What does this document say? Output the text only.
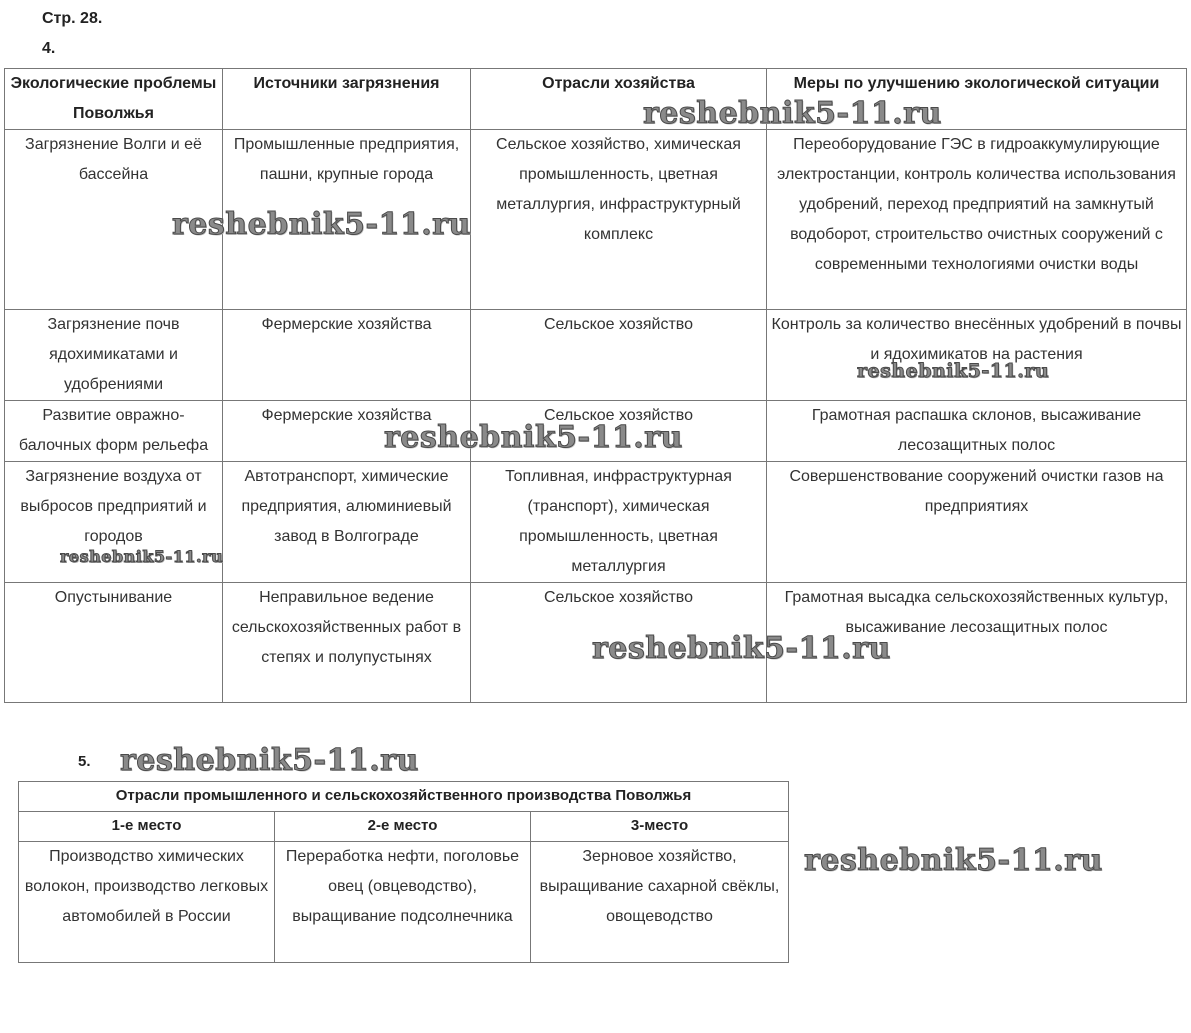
Стр. 28.
4.
Экологические проблемы Поволжья	Источники загрязнения	Отрасли хозяйства	Меры по улучшению экологической ситуации
Загрязнение Волги и её бассейна	Промышленные предприятия, пашни, крупные города	Сельское хозяйство, химическая промышленность, цветная металлургия, инфраструктурный комплекс	Переоборудование ГЭС в гидроаккумулирующие электростанции, контроль количества использования удобрений, переход предприятий на замкнутый водоборот, строительство очистных сооружений с современными технологиями очистки воды
Загрязнение почв ядохимикатами и удобрениями	Фермерские хозяйства	Сельское хозяйство	Контроль за количество внесённых удобрений в почвы и ядохимикатов на растения
Развитие овражно-балочных форм рельефа	Фермерские хозяйства	Сельское хозяйство	Грамотная распашка склонов, высаживание лесозащитных полос
Загрязнение воздуха от выбросов предприятий и городов	Автотранспорт, химические предприятия, алюминиевый завод в Волгограде	Топливная, инфраструктурная (транспорт), химическая промышленность, цветная металлургия	Совершенствование сооружений очистки газов на предприятиях
Опустынивание	Неправильное ведение сельскохозяйственных работ в степях и полупустынях	Сельское хозяйство	Грамотная высадка сельскохозяйственных культур, высаживание лесозащитных полос
5.
Отрасли промышленного и сельскохозяйственного производства Поволжья		
1-е место	2-е место	3-место
Производство химических волокон, производство легковых автомобилей в России	Переработка нефти, поголовье овец (овцеводство), выращивание подсолнечника	Зерновое хозяйство, выращивание сахарной свёклы, овощеводство
reshebnik5-11.ru
reshebnik5-11.ru
reshebnik5-11.ru
reshebnik5-11.ru
reshebnik5-11.ru
reshebnik5-11.ru
reshebnik5-11.ru
reshebnik5-11.ru
